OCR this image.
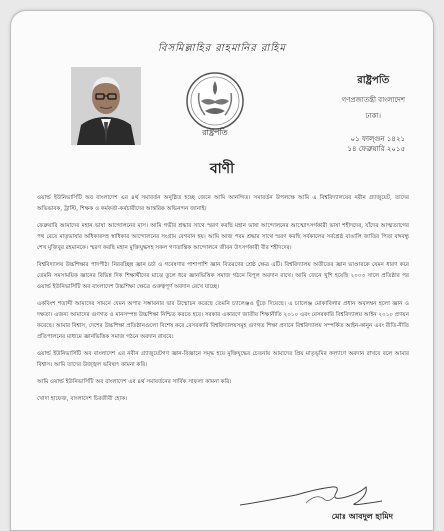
বিসমিল্লাহির রাহমানির রাহিম
রাষ্ট্রপতি
রাষ্ট্রপতি
গণপ্রজাতন্ত্রী বাংলাদেশ
ঢাকা।
০১ ফাল্গুন ১৪২১
১৪ ফেব্রুয়ারি ২০১৫
বাণী

ওয়ার্ল্ড ইউনিভার্সিটি অব বাংলাদেশ এর ৪র্থ সমাবর্তন অনুষ্ঠিত হচ্ছে জেনে আমি আনন্দিত। সমাবর্তন উপলক্ষে আমি এ বিশ্ববিদ্যালয়ের নবীন গ্র্যাজুয়েট, তাদের অভিভাবক, ট্রাস্টি, শিক্ষক ও কর্মকর্তা-কর্মচারীদের আন্তরিক অভিনন্দন জানাই।

ফেব্রুয়ারি আমাদের মহান ভাষা আন্দোলনের মাস। আমি গভীর শ্রদ্ধার সাথে স্মরণ করছি মহান ভাষা আন্দোলনের আত্মোৎসর্গকারী ভাষা শহীদদের, যাঁদের আত্মত্যাগের পথ বেয়ে মাতৃভাষার অধিকারসহ স্বাধিকার আন্দোলনের সংগ্রাম বেগবান হয়। আমি আজ পরম শ্রদ্ধার সাথে স্মরণ করছি সর্বকালের সর্বশ্রেষ্ঠ বাঙালি জাতির পিতা বঙ্গবন্ধু শেখ মুজিবুর রহমানকে। স্মরণ করছি মহান মুক্তিযুদ্ধসহ সকল গণতান্ত্রিক আন্দোলনে জীবন উৎসর্গকারী বীর শহীদদের।

বিশ্ববিদ্যালয় উচ্চশিক্ষার পাদপীঠ। নিরবচ্ছিন্ন জ্ঞান চর্চা ও গবেষণার পাশাপাশি জ্ঞান বিতরণের শ্রেষ্ঠ ক্ষেত্র এটি। বিশ্ববিদ্যালয় অতীতের জ্ঞান ভাণ্ডারকে যেমন ধারণ করে তেমনি সমসাময়িক জ্ঞানের বিভিন্ন দিক শিক্ষার্থীদের মাঝে তুলে ধরে জ্ঞানভিত্তিক সমাজ গঠনে বিপুল অবদান রাখে। আমি জেনে খুশি হয়েছি ২০০৩ সালে প্রতিষ্ঠার পর ওয়ার্ল্ড ইউনিভার্সিটি অব বাংলাদেশ উচ্চশিক্ষা ক্ষেত্রে গুরুত্বপূর্ণ অবদান রেখে যাচ্ছে।

একবিংশ শতাব্দী আমাদের সামনে যেমন অপার সম্ভাবনার দ্বার উন্মোচন করেছে তেমনি চ্যালেঞ্জও ছুঁড়ে দিয়েছে। এ চ্যালেঞ্জ মোকাবিলার প্রধান অবলম্বন হলো জ্ঞান ও দক্ষতা। এজন্য আমাদের গুণগত ও মানসম্পন্ন উচ্চশিক্ষা নিশ্চিত করতে হবে। সরকার একারণে জাতীয় শিক্ষানীতি ২০১০ এবং বেসরকারি বিশ্ববিদ্যালয় আইন ২০১০ প্রণয়ন করেছে। আমার বিশ্বাস, দেশের উচ্চশিক্ষা প্রতিষ্ঠানগুলো বিশেষ করে বেসরকারি বিশ্ববিদ্যালয়সমূহ গুণগত শিক্ষা প্রদানে বিশ্ববিদ্যালয় সম্পর্কিত আইন-কানুন এবং রীতি-নীতি প্রতিপালনের মাধ্যমে জ্ঞানভিত্তিক সমাজ গঠনে অবদান রাখবে।

ওয়ার্ল্ড ইউনিভার্সিটি অব বাংলাদেশ এর নবীন গ্র্যাজুয়েটগণ জ্ঞান-বিজ্ঞানে সমৃদ্ধ হয়ে মুক্তিযুদ্ধের চেতনায় আমাদের প্রিয় মাতৃভূমির কল্যাণে অবদান রাখবে বলে আমার বিশ্বাস। আমি তাদের উজ্জ্বল ভবিষ্যৎ কামনা করি।

আমি ওয়ার্ল্ড ইউনিভার্সিটি অব বাংলাদেশ এর ৪র্থ সমাবর্তনের সার্বিক সাফল্য কামনা করি।

খোদা হাফেজ, বাংলাদেশ চিরজীবী হোক।

মোঃ আবদুল হামিদ
